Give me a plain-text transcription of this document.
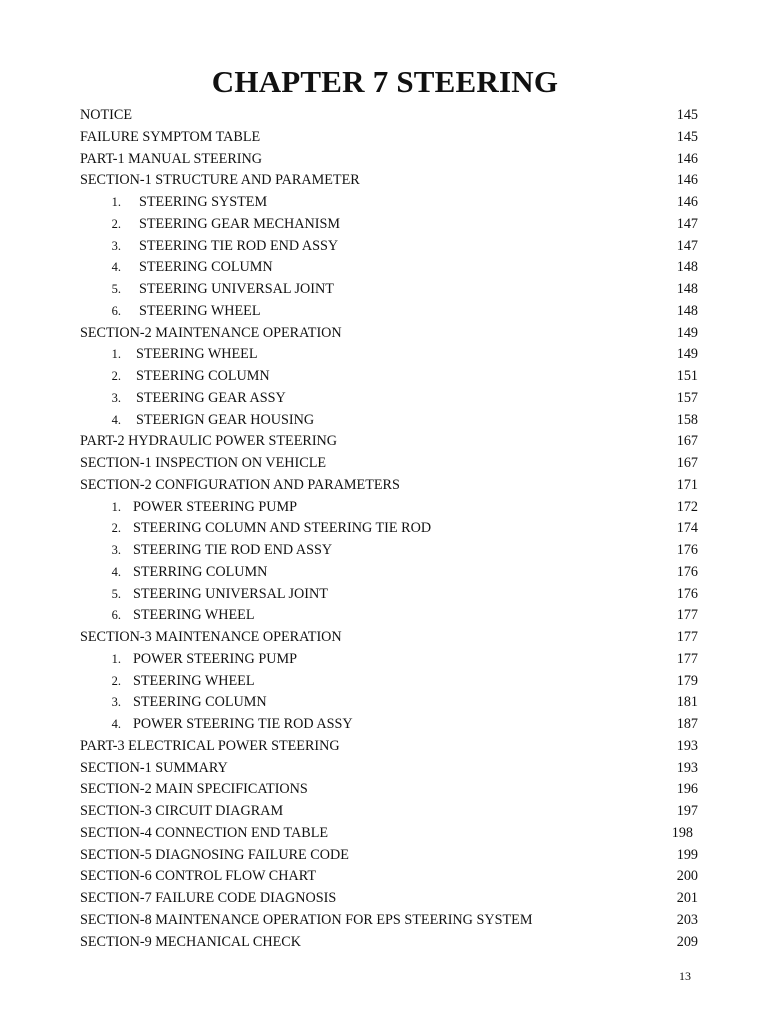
CHAPTER 7 STEERING
NOTICE	145
FAILURE SYMPTOM TABLE	145
PART-1 MANUAL STEERING	146
SECTION-1 STRUCTURE AND PARAMETER	146
1. STEERING SYSTEM	146
2. STEERING GEAR MECHANISM	147
3. STEERING TIE ROD END ASSY	147
4. STEERING COLUMN	148
5. STEERING UNIVERSAL JOINT	148
6. STEERING WHEEL	148
SECTION-2 MAINTENANCE OPERATION	149
1. STEERING WHEEL	149
2. STEERING COLUMN	151
3. STEERING GEAR ASSY	157
4. STEERIGN GEAR HOUSING	158
PART-2 HYDRAULIC POWER STEERING	167
SECTION-1 INSPECTION ON VEHICLE	167
SECTION-2 CONFIGURATION AND PARAMETERS	171
1. POWER STEERING PUMP	172
2. STEERING COLUMN AND STEERING TIE ROD	174
3. STEERING TIE ROD END ASSY	176
4. STERRING COLUMN	176
5. STEERING UNIVERSAL JOINT	176
6. STEERING WHEEL	177
SECTION-3 MAINTENANCE OPERATION	177
1. POWER STEERING PUMP	177
2. STEERING WHEEL	179
3. STEERING COLUMN	181
4. POWER STEERING TIE ROD ASSY	187
PART-3 ELECTRICAL POWER STEERING	193
SECTION-1 SUMMARY	193
SECTION-2 MAIN SPECIFICATIONS	196
SECTION-3 CIRCUIT DIAGRAM	197
SECTION-4 CONNECTION END TABLE	198
SECTION-5 DIAGNOSING FAILURE CODE	199
SECTION-6 CONTROL FLOW CHART	200
SECTION-7 FAILURE CODE DIAGNOSIS	201
SECTION-8 MAINTENANCE OPERATION FOR EPS STEERING SYSTEM	203
SECTION-9 MECHANICAL CHECK	209
13
